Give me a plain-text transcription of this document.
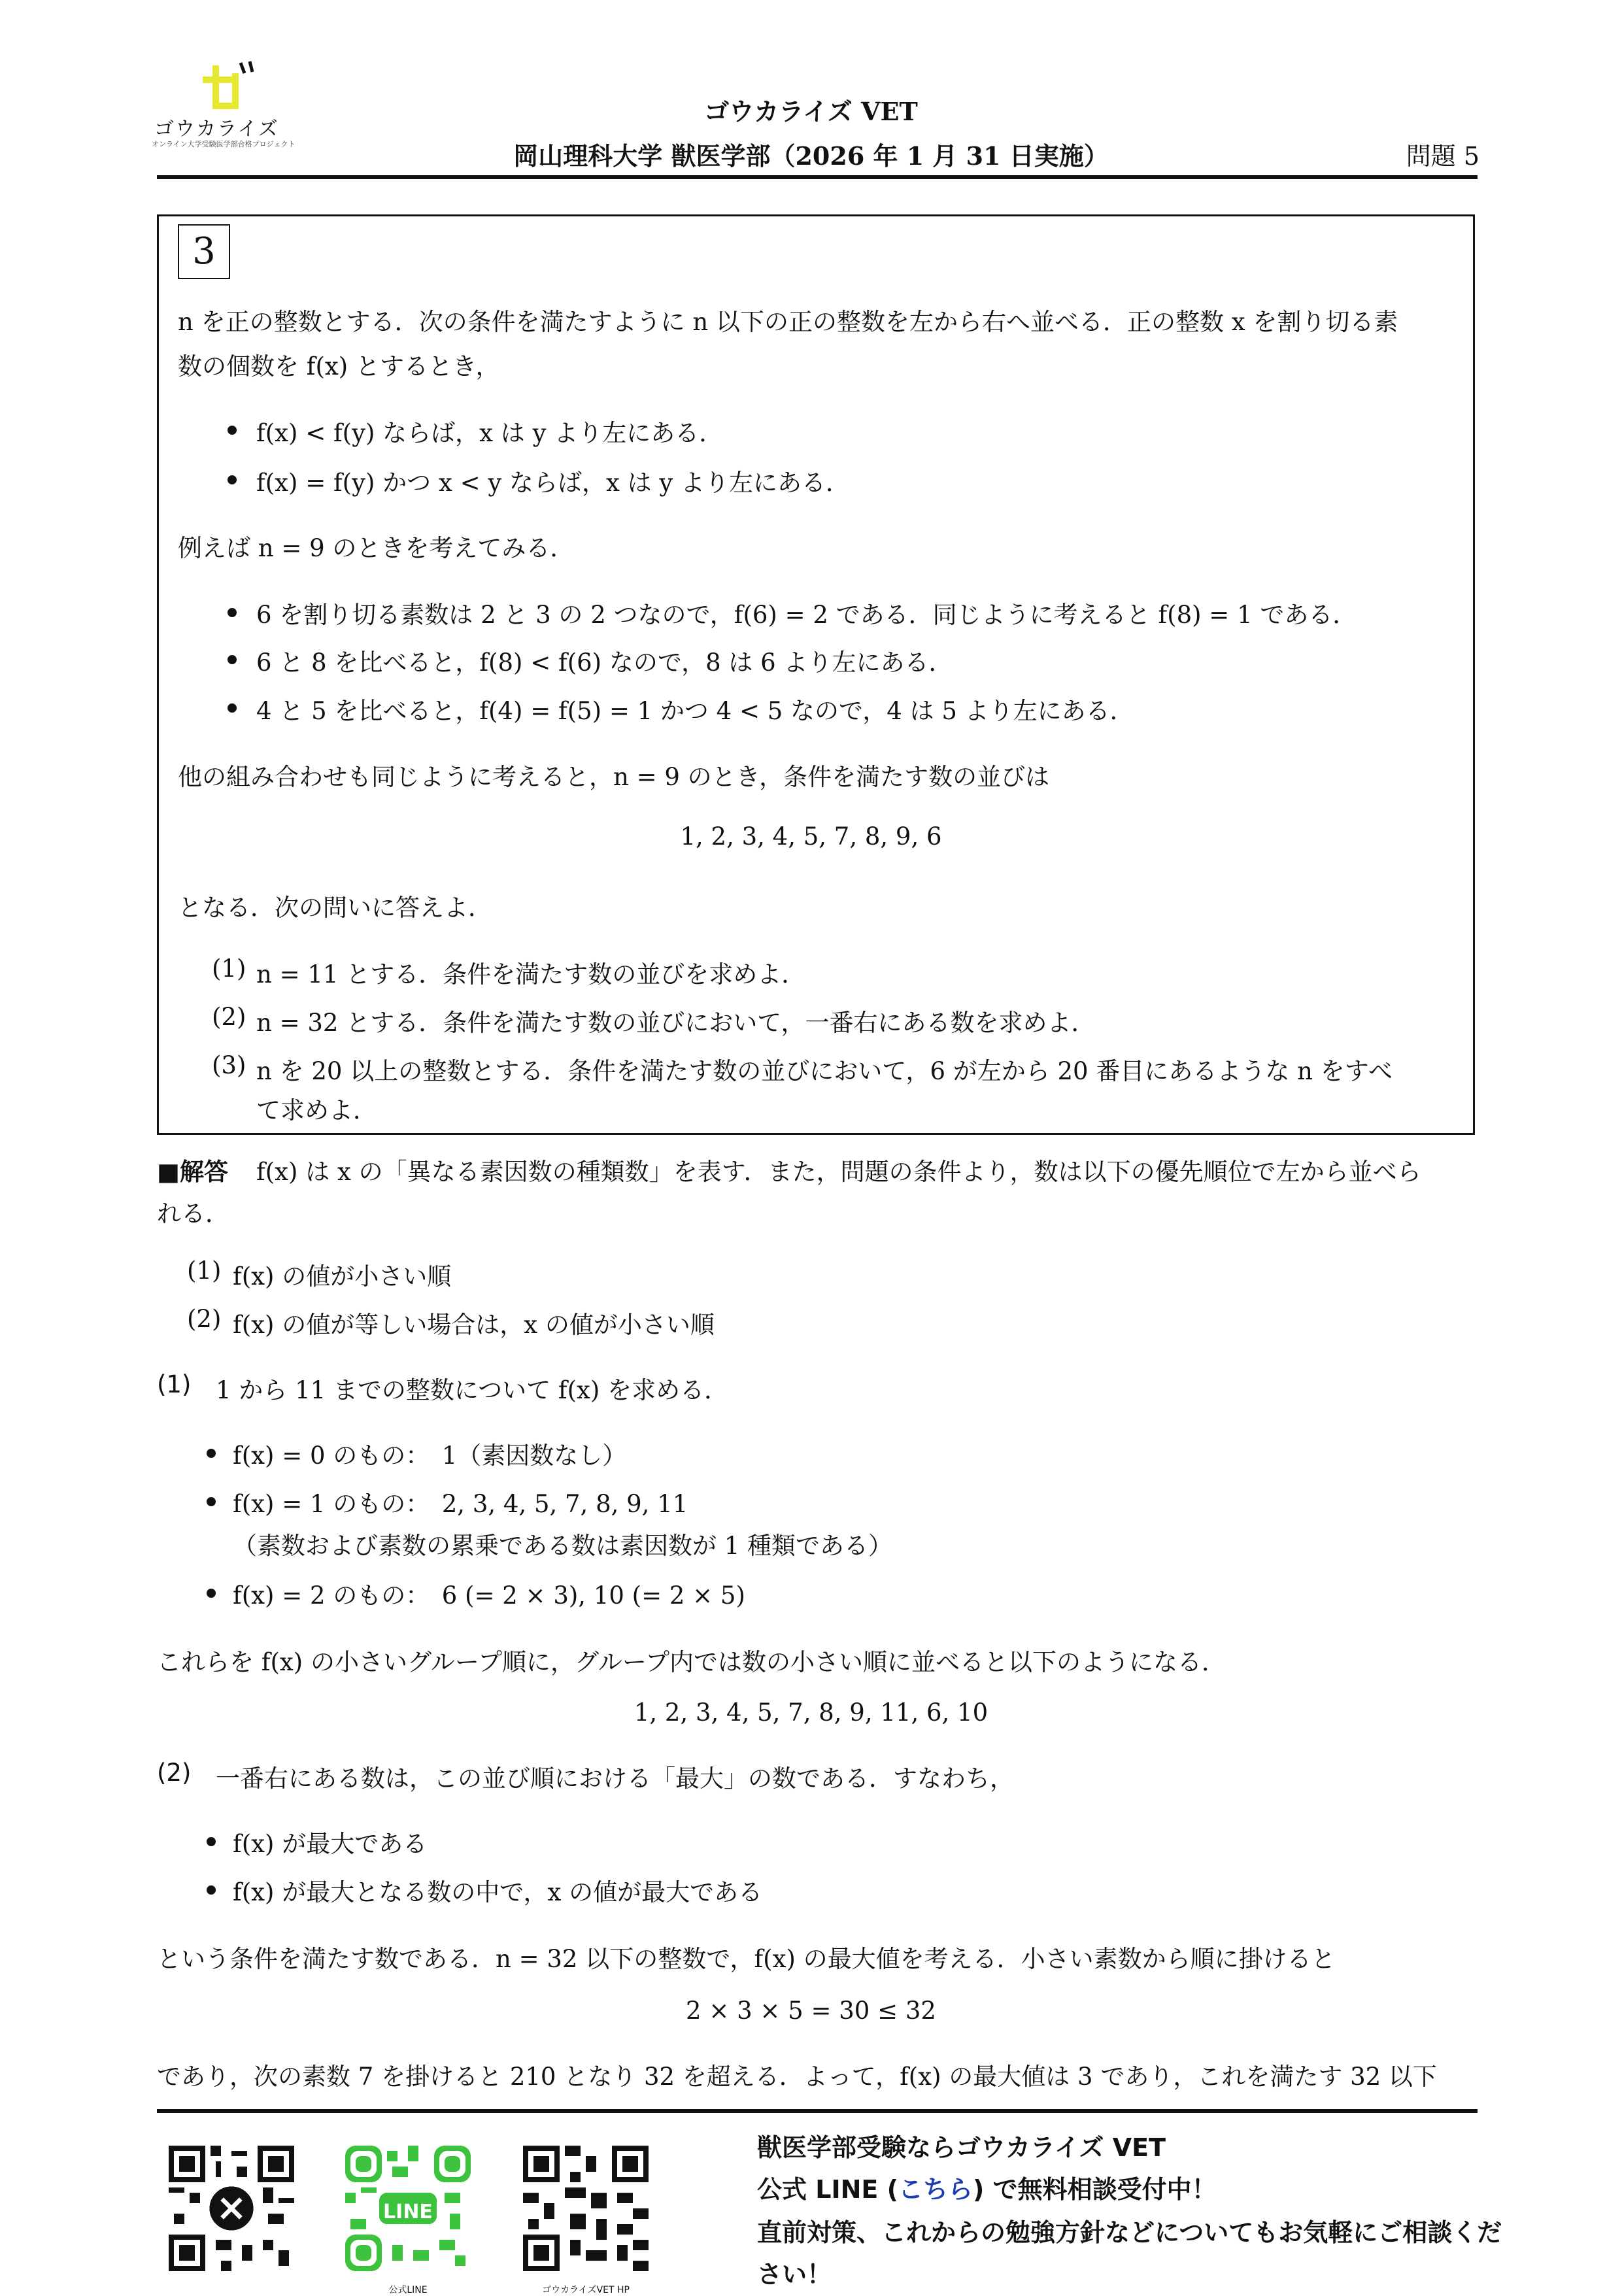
ゴウカライズ
オンライン大学受験医学部合格プロジェクト
ゴウカライズ VET
岡山理科大学 獣医学部（2026 年 1 月 31 日実施）	問題 5
3
n を正の整数とする．次の条件を満たすように n 以下の正の整数を左から右へ並べる．正の整数 x を割り切る素
数の個数を f(x) とするとき，
f(x) < f(y) ならば，x は y より左にある．
f(x) = f(y) かつ x < y ならば，x は y より左にある．
例えば n = 9 のときを考えてみる．
6 を割り切る素数は 2 と 3 の 2 つなので，f(6) = 2 である．同じように考えると f(8) = 1 である．
6 と 8 を比べると，f(8) < f(6) なので，8 は 6 より左にある．
4 と 5 を比べると，f(4) = f(5) = 1 かつ 4 < 5 なので，4 は 5 より左にある．
他の組み合わせも同じように考えると，n = 9 のとき，条件を満たす数の並びは
1, 2, 3, 4, 5, 7, 8, 9, 6
となる．次の問いに答えよ．
(1) n = 11 とする．条件を満たす数の並びを求めよ．
(2) n = 32 とする．条件を満たす数の並びにおいて，一番右にある数を求めよ．
(3) n を 20 以上の整数とする．条件を満たす数の並びにおいて，6 が左から 20 番目にあるような n をすべ
て求めよ．
■解答 f(x) は x の「異なる素因数の種類数」を表す．また，問題の条件より，数は以下の優先順位で左から並べら
れる．
(1) f(x) の値が小さい順
(2) f(x) の値が等しい場合は，x の値が小さい順
(1) 1 から 11 までの整数について f(x) を求める．
f(x) = 0 のもの：　1（素因数なし）
f(x) = 1 のもの：　2, 3, 4, 5, 7, 8, 9, 11
（素数および素数の累乗である数は素因数が 1 種類である）
f(x) = 2 のもの：　6 (= 2 × 3), 10 (= 2 × 5)
これらを f(x) の小さいグループ順に，グループ内では数の小さい順に並べると以下のようになる．
1, 2, 3, 4, 5, 7, 8, 9, 11, 6, 10
(2) 一番右にある数は，この並び順における「最大」の数である．すなわち，
f(x) が最大である
f(x) が最大となる数の中で，x の値が最大である
という条件を満たす数である．n = 32 以下の整数で，f(x) の最大値を考える．小さい素数から順に掛けると
2 × 3 × 5 = 30 ≤ 32
であり，次の素数 7 を掛けると 210 となり 32 を超える．よって，f(x) の最大値は 3 であり，これを満たす 32 以下
LINE
公式LINE	ゴウカライズVET HP
獣医学部受験ならゴウカライズ VET
公式 LINE (こちら) で無料相談受付中！
直前対策、これからの勉強方針などについてもお気軽にご相談くだ
さい！
